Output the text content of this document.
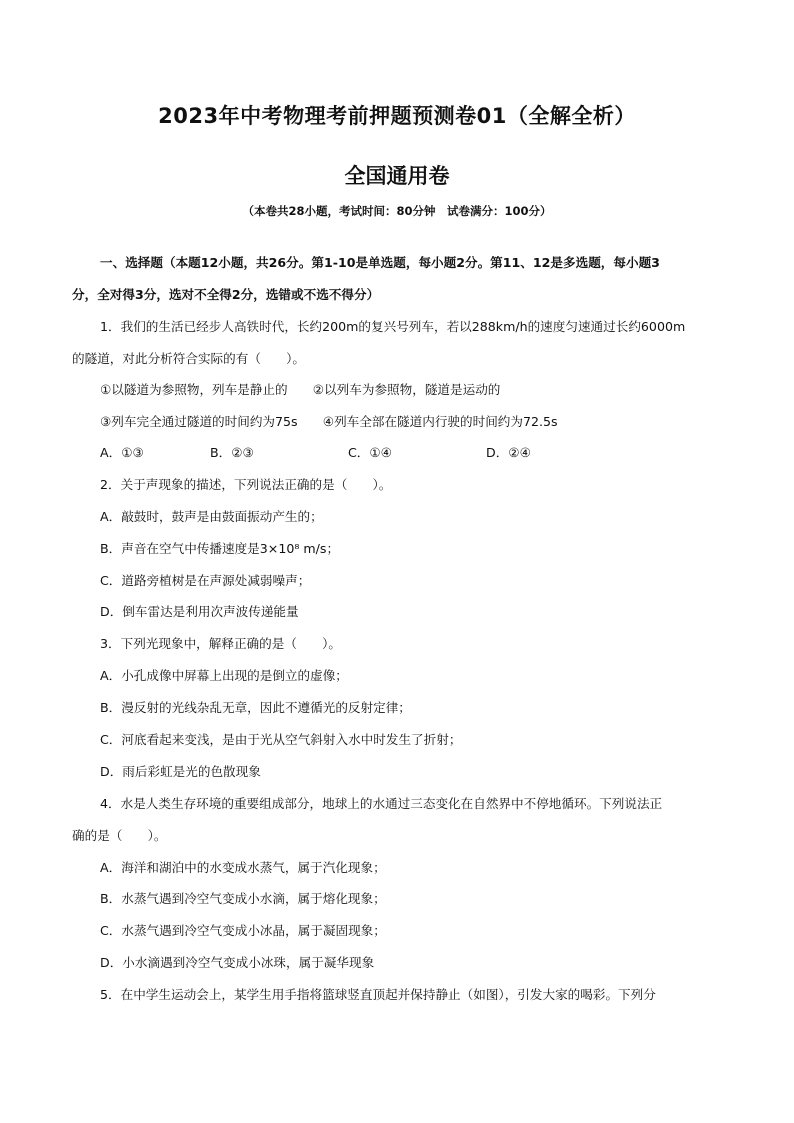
2023年中考物理考前押题预测卷01（全解全析）
全国通用卷
（本卷共28小题，考试时间：80分钟　试卷满分：100分）
一、选择题（本题12小题，共26分。第1-10是单选题，每小题2分。第11、12是多选题，每小题3
分，全对得3分，选对不全得2分，选错或不选不得分）
1．我们的生活已经步人高铁时代，长约200m的复兴号列车，若以288km/h的速度匀速通过长约6000m
的隧道，对此分析符合实际的有（　　）。
①以隧道为参照物，列车是静止的　　②以列车为参照物，隧道是运动的
③列车完全通过隧道的时间约为75s　　④列车全部在隧道内行驶的时间约为72.5s
A．①③	B．②③	C．①④	D．②④
2．关于声现象的描述，下列说法正确的是（　　）。
A．敲鼓时，鼓声是由鼓面振动产生的；
B．声音在空气中传播速度是3×10⁸ m/s；
C．道路旁植树是在声源处减弱噪声；
D．倒车雷达是利用次声波传递能量
3．下列光现象中，解释正确的是（　　）。
A．小孔成像中屏幕上出现的是倒立的虚像；
B．漫反射的光线杂乱无章，因此不遵循光的反射定律；
C．河底看起来变浅，是由于光从空气斜射入水中时发生了折射；
D．雨后彩虹是光的色散现象
4．水是人类生存环境的重要组成部分，地球上的水通过三态变化在自然界中不停地循环。下列说法正
确的是（　　）。
A．海洋和湖泊中的水变成水蒸气，属于汽化现象；
B．水蒸气遇到冷空气变成小水滴，属于熔化现象；
C．水蒸气遇到冷空气变成小冰晶，属于凝固现象；
D．小水滴遇到冷空气变成小冰珠，属于凝华现象
5．在中学生运动会上，某学生用手指将篮球竖直顶起并保持静止（如图），引发大家的喝彩。下列分
